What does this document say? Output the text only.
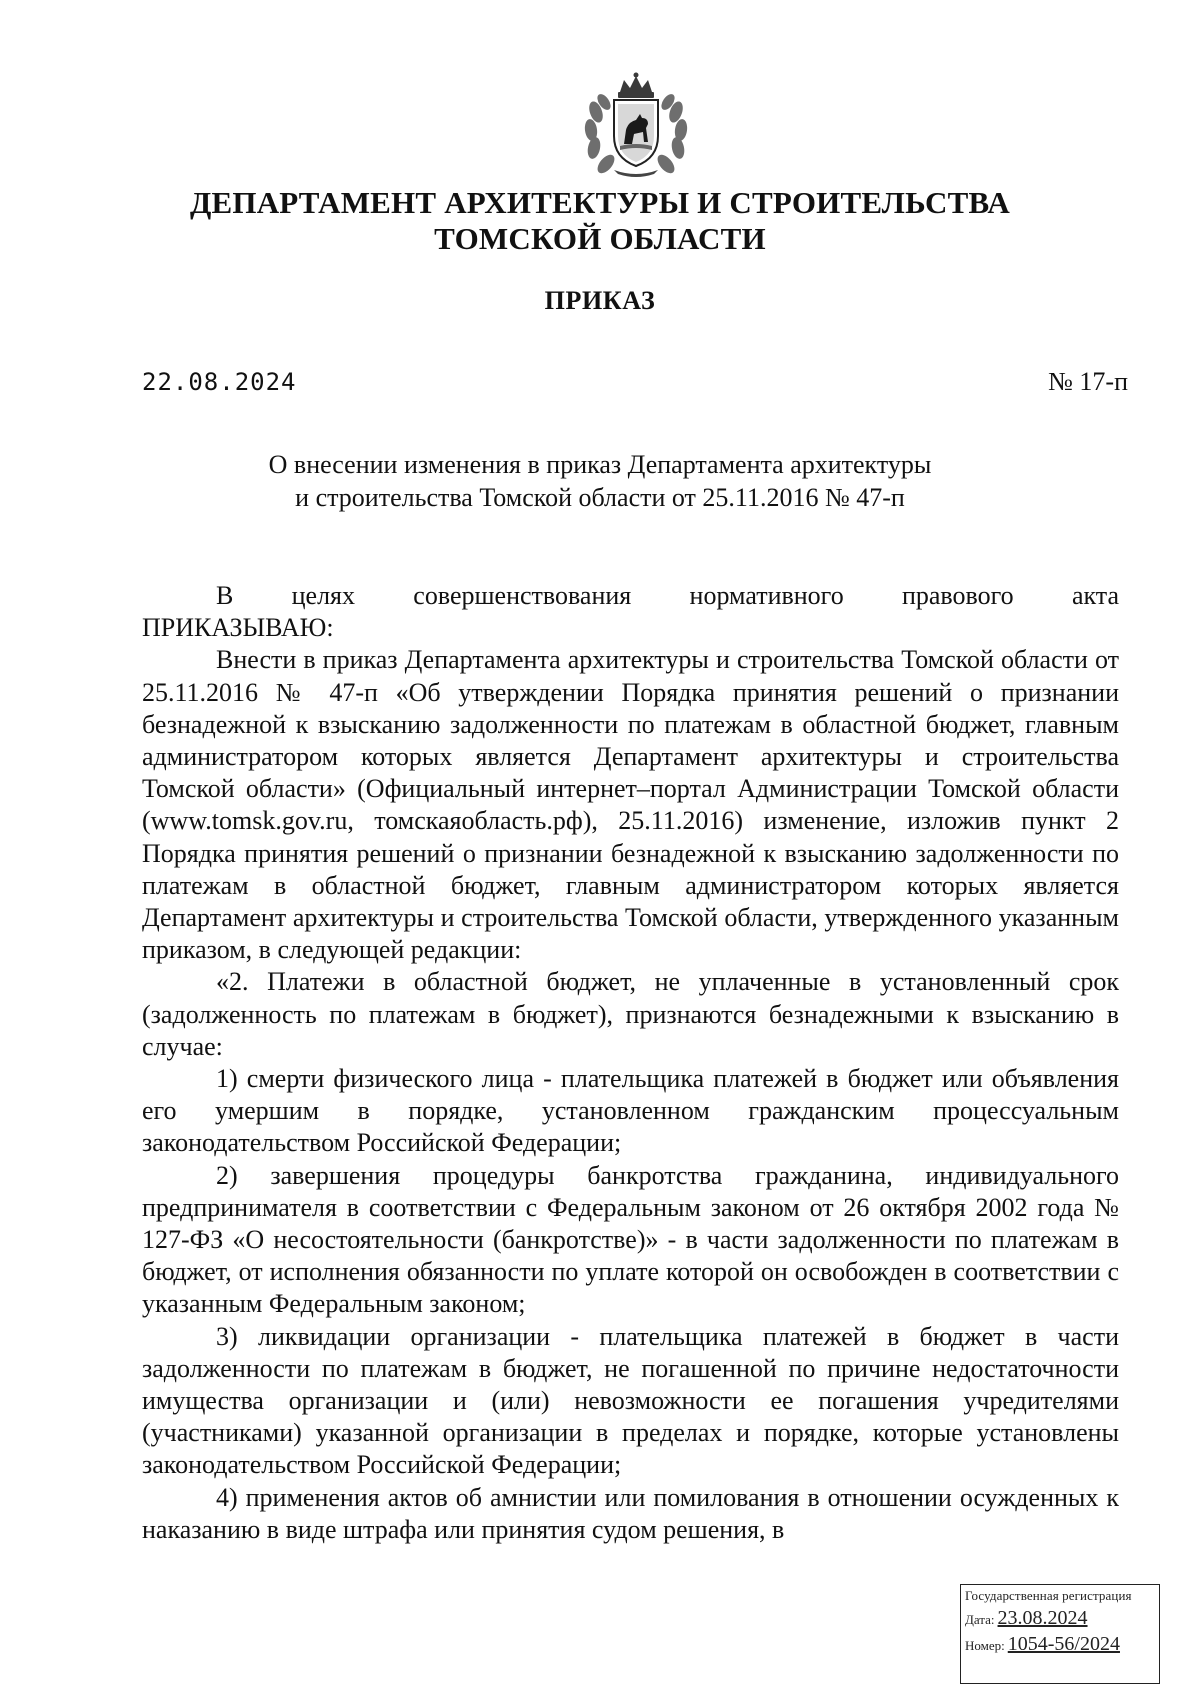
ДЕПАРТАМЕНТ АРХИТЕКТУРЫ И СТРОИТЕЛЬСТВА
ТОМСКОЙ ОБЛАСТИ
ПРИКАЗ
22.08.2024	№ 17-п
О внесении изменения в приказ Департамента архитектуры
и строительства Томской области от 25.11.2016 № 47-п

В целях совершенствования нормативного правового акта

ПРИКАЗЫВАЮ:

Внести в приказ Департамента архитектуры и строительства Томской области от 25.11.2016 № 47-п «Об утверждении Порядка принятия решений о признании безнадежной к взысканию задолженности по платежам в областной бюджет, главным администратором которых является Департамент архитектуры и строительства Томской области» (Официальный интернет–портал Администрации Томской области (www.tomsk.gov.ru, томскаяобласть.рф), 25.11.2016) изменение, изложив пункт 2 Порядка принятия решений о признании безнадежной к взысканию задолженности по платежам в областной бюджет, главным администратором которых является Департамент архитектуры и строительства Томской области, утвержденного указанным приказом, в следующей редакции:

«2. Платежи в областной бюджет, не уплаченные в установленный срок (задолженность по платежам в бюджет), признаются безнадежными к взысканию в случае:

1) смерти физического лица - плательщика платежей в бюджет или объявления его умершим в порядке, установленном гражданским процессуальным законодательством Российской Федерации;

2) завершения процедуры банкротства гражданина, индивидуального предпринимателя в соответствии с Федеральным законом от 26 октября 2002 года № 127-ФЗ «О несостоятельности (банкротстве)» - в части задолженности по платежам в бюджет, от исполнения обязанности по уплате которой он освобожден в соответствии с указанным Федеральным законом;

3) ликвидации организации - плательщика платежей в бюджет в части задолженности по платежам в бюджет, не погашенной по причине недостаточности имущества организации и (или) невозможности ее погашения учредителями (участниками) указанной организации в пределах и порядке, которые установлены законодательством Российской Федерации;

4) применения актов об амнистии или помилования в отношении осужденных к наказанию в виде штрафа или принятия судом решения, в

Государственная регистрация
Дата: 23.08.2024
Номер: 1054-56/2024
